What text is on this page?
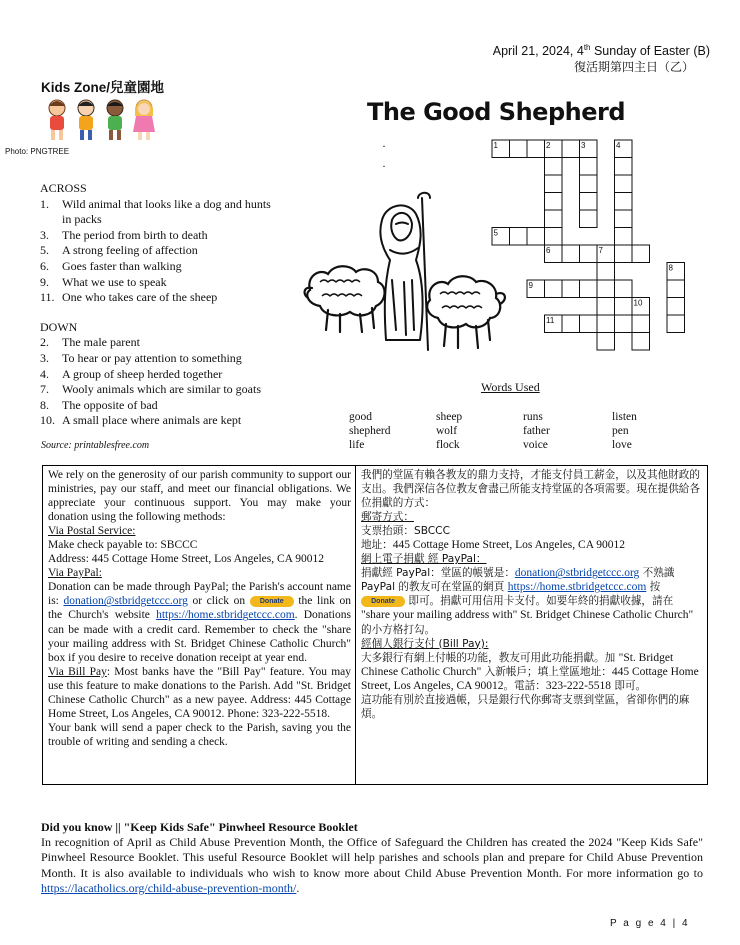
April 21, 2024, 4th Sunday of Easter (B)
復活期第四主日（乙）
Kids Zone/兒童園地
Photo: PNGTREE
The Good Shepherd
·
·
ACROSS
1.	Wild animal that looks like a dog and hunts in packs
3.	The period from birth to death
5.	A strong feeling of affection
6.	Goes faster than walking
9.	What we use to speak
11. One who takes care of the sheep
DOWN
2.	The male parent
3.	To hear or pay attention to something
4.	A group of sheep herded together
7.	Wooly animals which are similar to goats
8.	The opposite of bad
10. A small place where animals are kept
Source: printablesfree.com
1	2	3	4
5
6	7
8
9
10
11
Words Used
good	sheep	runs	listen
shepherd	wolf	father	pen
life	flock	voice	love
We rely on the generosity of our parish community to support our ministries, pay our staff, and meet our financial obligations. We appreciate your continuous support. You may make your donation using the following methods:
Via Postal Service:
Make check payable to: SBCCC
Address: 445 Cottage Home Street, Los Angeles, CA 90012
Via PayPal:
Donation can be made through PayPal; the Parish's account name is: donation@stbridgetccc.org or click on Donate the link on the Church's website https://home.stbridgetccc.com. Donations can be made with a credit card. Remember to check the "share your mailing address with St. Bridget Chinese Catholic Church" box if you desire to receive donation receipt at year end.
Via Bill Pay: Most banks have the "Bill Pay" feature. You may use this feature to make donations to the Parish. Add "St. Bridget Chinese Catholic Church" as a new payee. Address: 445 Cottage Home Street, Los Angeles, CA 90012. Phone: 323-222-5518.
Your bank will send a paper check to the Parish, saving you the trouble of writing and sending a check.
我們的堂區有賴各教友的鼎力支持，才能支付員工薪金，以及其他財政的支出。我們深信各位教友會盡己所能支持堂區的各項需要。現在提供給各位捐獻的方式：
郵寄方式：
支票抬頭：SBCCC
地址：445 Cottage Home Street, Los Angeles, CA 90012
網上電子捐獻 經 PayPal：
捐獻經 PayPal：堂區的帳號是：donation@stbridgetccc.org 不熟識 PayPal 的教友可在堂區的網頁 https://home.stbridgetccc.com 按 Donate 即可。捐獻可用信用卡支付。如要年終的捐獻收據，請在 "share your mailing address with" St. Bridget Chinese Catholic Church" 的小方格打勾。
經個人銀行支付 (Bill Pay):
大多銀行有網上付帳的功能，教友可用此功能捐獻。加 "St. Bridget Chinese Catholic Church" 入新帳戶；填上堂區地址：445 Cottage Home Street, Los Angeles, CA 90012。電話：323-222-5518 即可。
這功能有別於直接過帳，只是銀行代你郵寄支票到堂區，省卻你們的麻煩。
Did you know || "Keep Kids Safe" Pinwheel Resource Booklet
In recognition of April as Child Abuse Prevention Month, the Office of Safeguard the Children has created the 2024 "Keep Kids Safe" Pinwheel Resource Booklet. This useful Resource Booklet will help parishes and schools plan and prepare for Child Abuse Prevention Month. It is also available to individuals who wish to know more about Child Abuse Prevention Month. For more information go to https://lacatholics.org/child-abuse-prevention-month/.
P a g e 4 | 4
